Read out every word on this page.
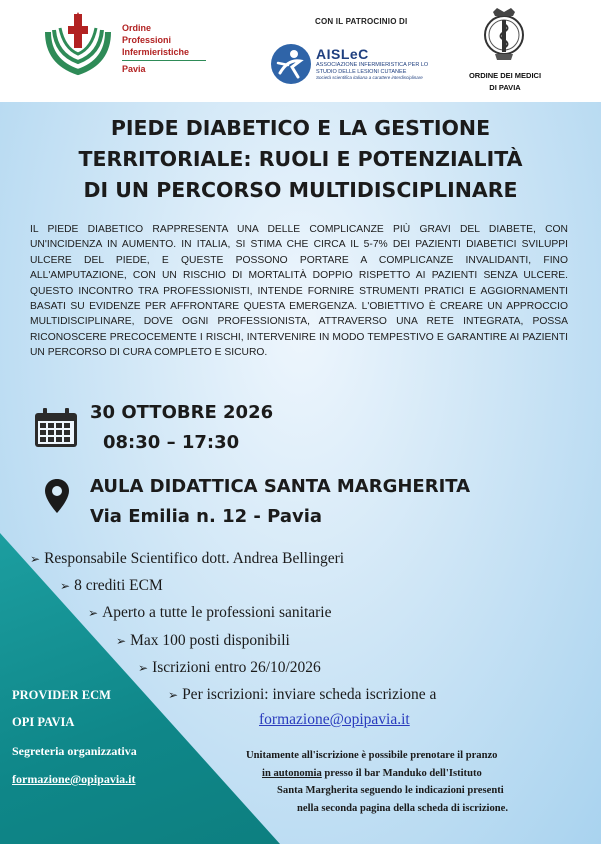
Ordine
Professioni
Infermieristiche
Pavia
CON IL PATROCINIO DI
AISLeC
ASSOCIAZIONE INFERMIERISTICA PER LO STUDIO DELLE LESIONI CUTANEE
Società scientifica italiana a carattere interdisciplinare	ORDINE DEI MEDICI
DI PAVIA
PIEDE DIABETICO E LA GESTIONE
TERRITORIALE: RUOLI E POTENZIALITÀ
DI UN PERCORSO MULTIDISCIPLINARE
IL PIEDE DIABETICO RAPPRESENTA UNA DELLE COMPLICANZE PIÙ GRAVI DEL DIABETE, CON UN'INCIDENZA IN AUMENTO. IN ITALIA, SI STIMA CHE CIRCA IL 5-7% DEI PAZIENTI DIABETICI SVILUPPI ULCERE DEL PIEDE, E QUESTE POSSONO PORTARE A COMPLICANZE INVALIDANTI, FINO ALL'AMPUTAZIONE, CON UN RISCHIO DI MORTALITÀ DOPPIO RISPETTO AI PAZIENTI SENZA ULCERE. QUESTO INCONTRO TRA PROFESSIONISTI, INTENDE FORNIRE STRUMENTI PRATICI E AGGIORNAMENTI BASATI SU EVIDENZE PER AFFRONTARE QUESTA EMERGENZA. L'OBIETTIVO È CREARE UN APPROCCIO MULTIDISCIPLINARE, DOVE OGNI PROFESSIONISTA, ATTRAVERSO UNA RETE INTEGRATA, POSSA RICONOSCERE PRECOCEMENTE I RISCHI, INTERVENIRE IN MODO TEMPESTIVO E GARANTIRE AI PAZIENTI UN PERCORSO DI CURA COMPLETO E SICURO.
30 OTTOBRE 2026
08:30 – 17:30
AULA DIDATTICA SANTA MARGHERITA
Via Emilia n. 12 - Pavia
➢ Responsabile Scientifico dott. Andrea Bellingeri
➢ 8 crediti ECM
➢ Aperto a tutte le professioni sanitarie
➢ Max 100 posti disponibili
➢ Iscrizioni entro 26/10/2026
➢ Per iscrizioni: inviare scheda iscrizione a
formazione@opipavia.it
PROVIDER ECM
OPI PAVIA
Segreteria organizzativa
formazione@opipavia.it
Unitamente all'iscrizione è possibile prenotare il pranzo
in autonomia presso il bar Manduko dell'Istituto
Santa Margherita seguendo le indicazioni presenti
nella seconda pagina della scheda di iscrizione.
